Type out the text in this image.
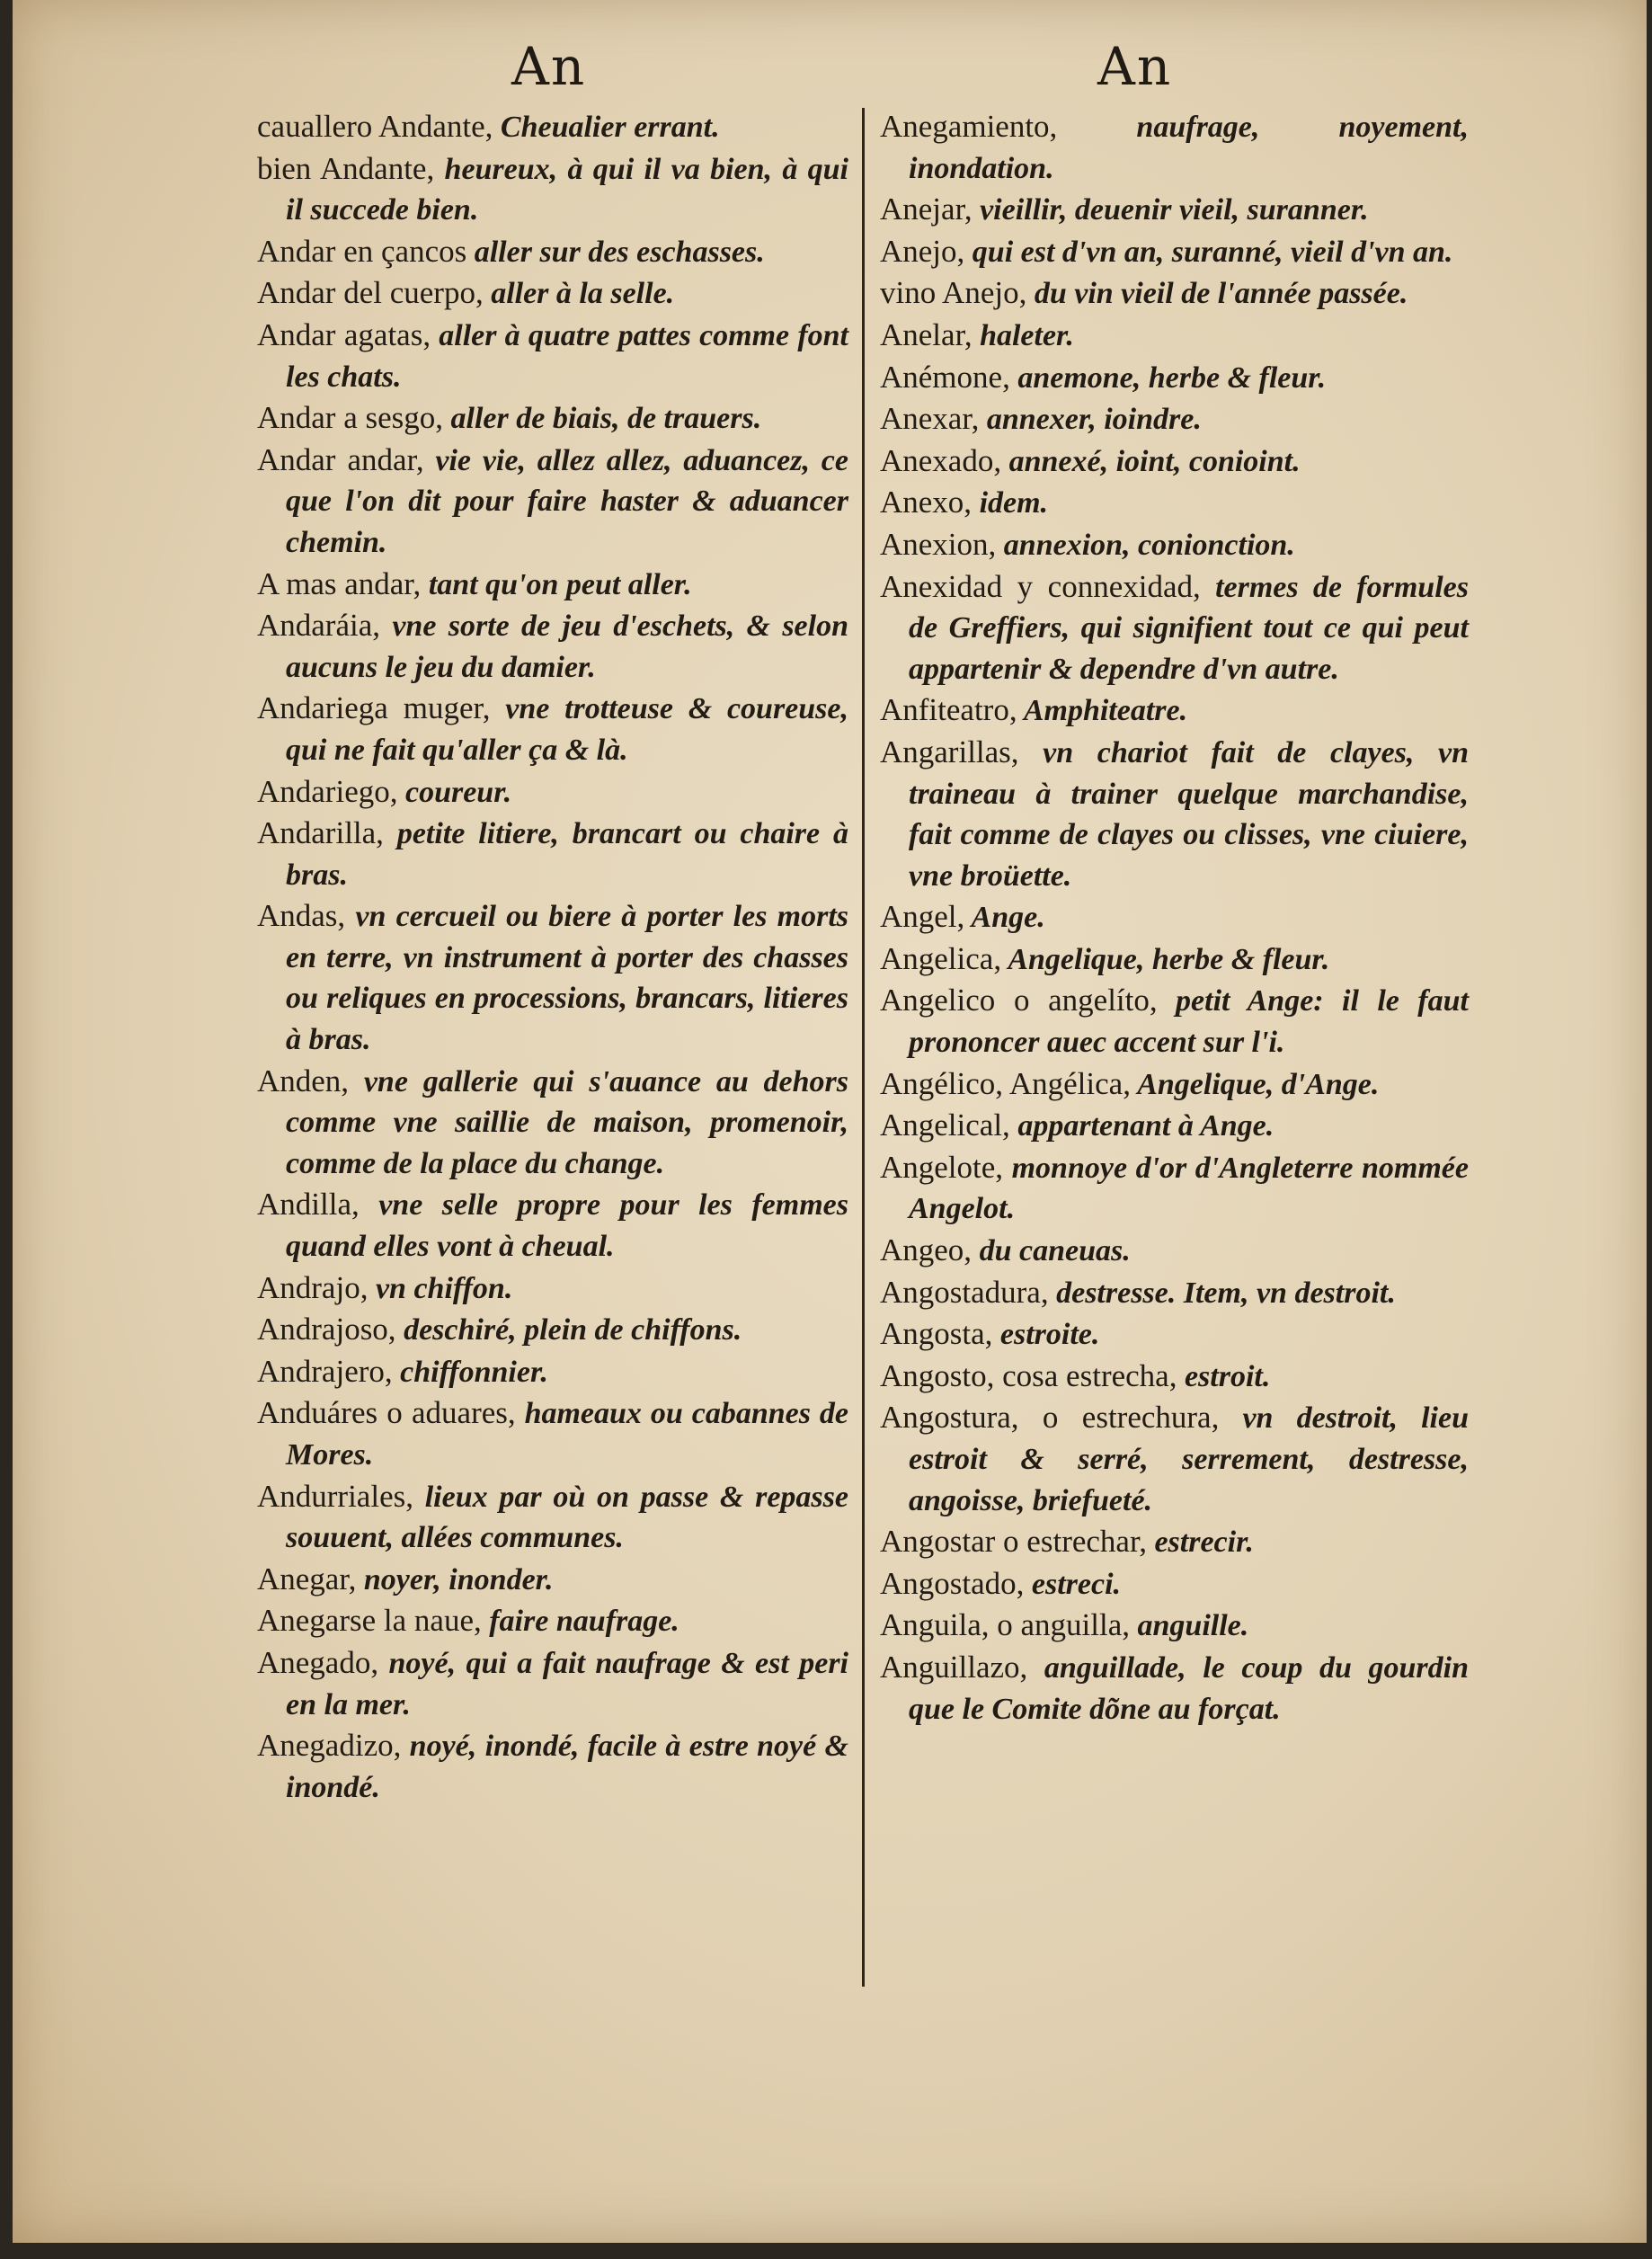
An	An

cauallero Andante, Cheualier errant.

bien Andante, heureux, à qui il va bien, à qui il succede bien.

Andar en çancos aller sur des eschasses.

Andar del cuerpo, aller à la selle.

Andar agatas, aller à quatre pattes comme font les chats.

Andar a sesgo, aller de biais, de trauers.

Andar andar, vie vie, allez allez, aduancez, ce que l'on dit pour faire haster & aduancer chemin.

A mas andar, tant qu'on peut aller.

Andaráia, vne sorte de jeu d'eschets, & selon aucuns le jeu du damier.

Andariega muger, vne trotteuse & coureuse, qui ne fait qu'aller ça & là.

Andariego, coureur.

Andarilla, petite litiere, brancart ou chaire à bras.

Andas, vn cercueil ou biere à porter les morts en terre, vn instrument à porter des chasses ou reliques en processions, brancars, litieres à bras.

Anden, vne gallerie qui s'auance au dehors comme vne saillie de maison, promenoir, comme de la place du change.

Andilla, vne selle propre pour les femmes quand elles vont à cheual.

Andrajo, vn chiffon.

Andrajoso, deschiré, plein de chiffons.

Andrajero, chiffonnier.

Anduáres o aduares, hameaux ou cabannes de Mores.

Andurriales, lieux par où on passe & repasse souuent, allées communes.

Anegar, noyer, inonder.

Anegarse la naue, faire naufrage.

Anegado, noyé, qui a fait naufrage & est peri en la mer.

Anegadizo, noyé, inondé, facile à estre noyé & inondé.

Anegamiento, naufrage, noyement, inondation.

Anejar, vieillir, deuenir vieil, suranner.

Anejo, qui est d'vn an, suranné, vieil d'vn an.

vino Anejo, du vin vieil de l'année passée.

Anelar, haleter.

Anémone, anemone, herbe & fleur.

Anexar, annexer, ioindre.

Anexado, annexé, ioint, conioint.

Anexo, idem.

Anexion, annexion, conionction.

Anexidad y connexidad, termes de formules de Greffiers, qui signifient tout ce qui peut appartenir & dependre d'vn autre.

Anfiteatro, Amphiteatre.

Angarillas, vn chariot fait de clayes, vn traineau à trainer quelque marchandise, fait comme de clayes ou clisses, vne ciuiere, vne broüette.

Angel, Ange.

Angelica, Angelique, herbe & fleur.

Angelico o angelíto, petit Ange: il le faut prononcer auec accent sur l'i.

Angélico, Angélica, Angelique, d'Ange.

Angelical, appartenant à Ange.

Angelote, monnoye d'or d'Angleterre nommée Angelot.

Angeo, du caneuas.

Angostadura, destresse. Item, vn destroit.

Angosta, estroite.

Angosto, cosa estrecha, estroit.

Angostura, o estrechura, vn destroit, lieu estroit & serré, serrement, destresse, angoisse, briefueté.

Angostar o estrechar, estrecir.

Angostado, estreci.

Anguila, o anguilla, anguille.

Anguillazo, anguillade, le coup du gourdin que le Comite dõne au forçat.
